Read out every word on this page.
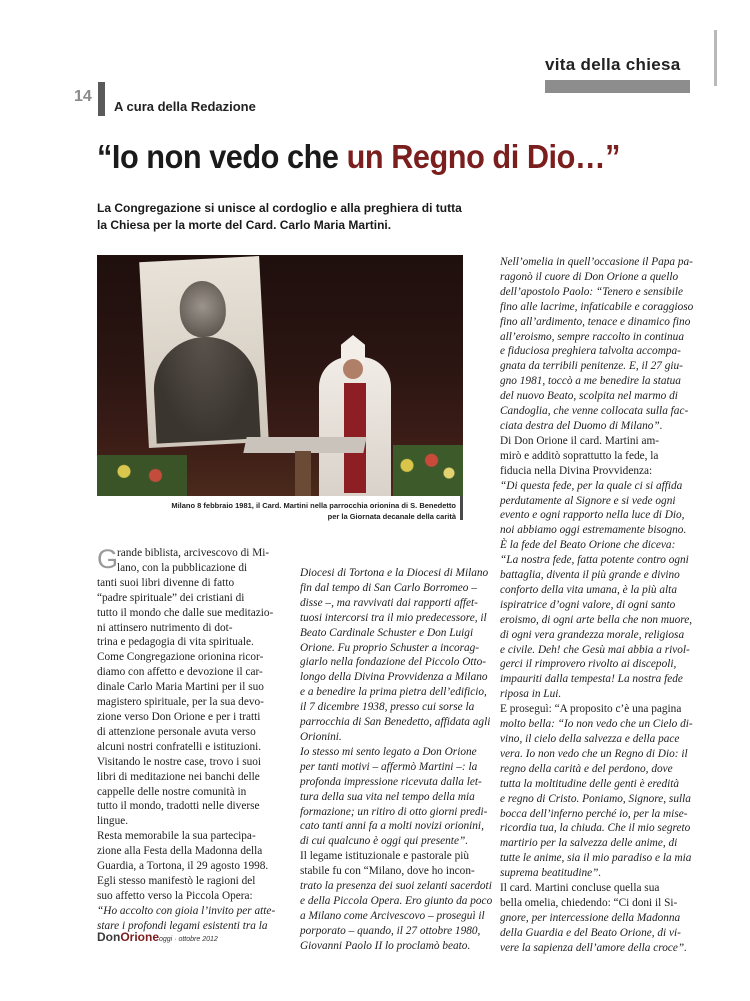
vita della chiesa
14
A cura della Redazione
“Io non vedo che un Regno di Dio…”
La Congregazione si unisce al cordoglio e alla preghiera di tutta
la Chiesa per la morte del Card. Carlo Maria Martini.
Milano 8 febbraio 1981, il Card. Martini nella parrocchia orionina di S. Benedetto
per la Giornata decanale della carità
G
rande biblista, arcivescovo di Mi-
lano, con la pubblicazione di
tanti suoi libri divenne di fatto
“padre spirituale” dei cristiani di
tutto il mondo che dalle sue meditazio-
ni attinsero nutrimento di dot-
trina e pedagogia di vita spirituale.
Come Congregazione orionina ricor-
diamo con affetto e devozione il car-
dinale Carlo Maria Martini per il suo
magistero spirituale, per la sua devo-
zione verso Don Orione e per i tratti
di attenzione personale avuta verso
alcuni nostri confratelli e istituzioni.
Visitando le nostre case, trovo i suoi
libri di meditazione nei banchi delle
cappelle delle nostre comunità in
tutto il mondo, tradotti nelle diverse
lingue.
Resta memorabile la sua partecipa-
zione alla Festa della Madonna della
Guardia, a Tortona, il 29 agosto 1998.
Egli stesso manifestò le ragioni del
suo affetto verso la Piccola Opera:
“Ho accolto con gioia l’invito per atte-
stare i profondi legami esistenti tra la
Diocesi di Tortona e la Diocesi di Milano
fin dal tempo di San Carlo Borromeo –
disse –, ma ravvivati dai rapporti affet-
tuosi intercorsi tra il mio predecessore, il
Beato Cardinale Schuster e Don Luigi
Orione. Fu proprio Schuster a incorag-
giarlo nella fondazione del Piccolo Otto-
longo della Divina Provvidenza a Milano
e a benedire la prima pietra dell’edificio,
il 7 dicembre 1938, presso cui sorse la
parrocchia di San Benedetto, affidata agli
Orionini.
Io stesso mi sento legato a Don Orione
per tanti motivi – affermò Martini –: la
profonda impressione ricevuta dalla let-
tura della sua vita nel tempo della mia
formazione; un ritiro di otto giorni predi-
cato tanti anni fa a molti novizi orionini,
di cui qualcuno è oggi qui presente”.
Il legame istituzionale e pastorale più
stabile fu con “Milano, dove ho incon-
trato la presenza dei suoi zelanti sacerdoti
e della Piccola Opera. Ero giunto da poco
a Milano come Arcivescovo – proseguì il
porporato – quando, il 27 ottobre 1980,
Giovanni Paolo II lo proclamò beato.
Nell’omelia in quell’occasione il Papa pa-
ragonò il cuore di Don Orione a quello
dell’apostolo Paolo: “Tenero e sensibile
fino alle lacrime, infaticabile e coraggioso
fino all’ardimento, tenace e dinamico fino
all’eroismo, sempre raccolto in continua
e fiduciosa preghiera talvolta accompa-
gnata da terribili penitenze. E, il 27 giu-
gno 1981, toccò a me benedire la statua
del nuovo Beato, scolpita nel marmo di
Candoglia, che venne collocata sulla fac-
ciata destra del Duomo di Milano”.
Di Don Orione il card. Martini am-
mirò e additò soprattutto la fede, la
fiducia nella Divina Provvidenza:
“Di questa fede, per la quale ci si affida
perdutamente al Signore e si vede ogni
evento e ogni rapporto nella luce di Dio,
noi abbiamo oggi estremamente bisogno.
È la fede del Beato Orione che diceva:
“La nostra fede, fatta potente contro ogni
battaglia, diventa il più grande e divino
conforto della vita umana, è la più alta
ispiratrice d’ogni valore, di ogni santo
eroismo, di ogni arte bella che non muore,
di ogni vera grandezza morale, religiosa
e civile. Deh! che Gesù mai abbia a rivol-
gerci il rimprovero rivolto ai discepoli,
impauriti dalla tempesta! La nostra fede
riposa in Lui.
E proseguì: “A proposito c’è una pagina
molto bella: “Io non vedo che un Cielo di-
vino, il cielo della salvezza e della pace
vera. Io non vedo che un Regno di Dio: il
regno della carità e del perdono, dove
tutta la moltitudine delle genti è eredità
e regno di Cristo. Poniamo, Signore, sulla
bocca dell’inferno perché io, per la mise-
ricordia tua, la chiuda. Che il mio segreto
martirio per la salvezza delle anime, di
tutte le anime, sia il mio paradiso e la mia
suprema beatitudine”.
Il card. Martini concluse quella sua
bella omelia, chiedendo: “Ci doni il Si-
gnore, per intercessione della Madonna
della Guardia e del Beato Orione, di vi-
vere la sapienza dell’amore della croce”.
DonOrioneoggi · ottobre 2012
